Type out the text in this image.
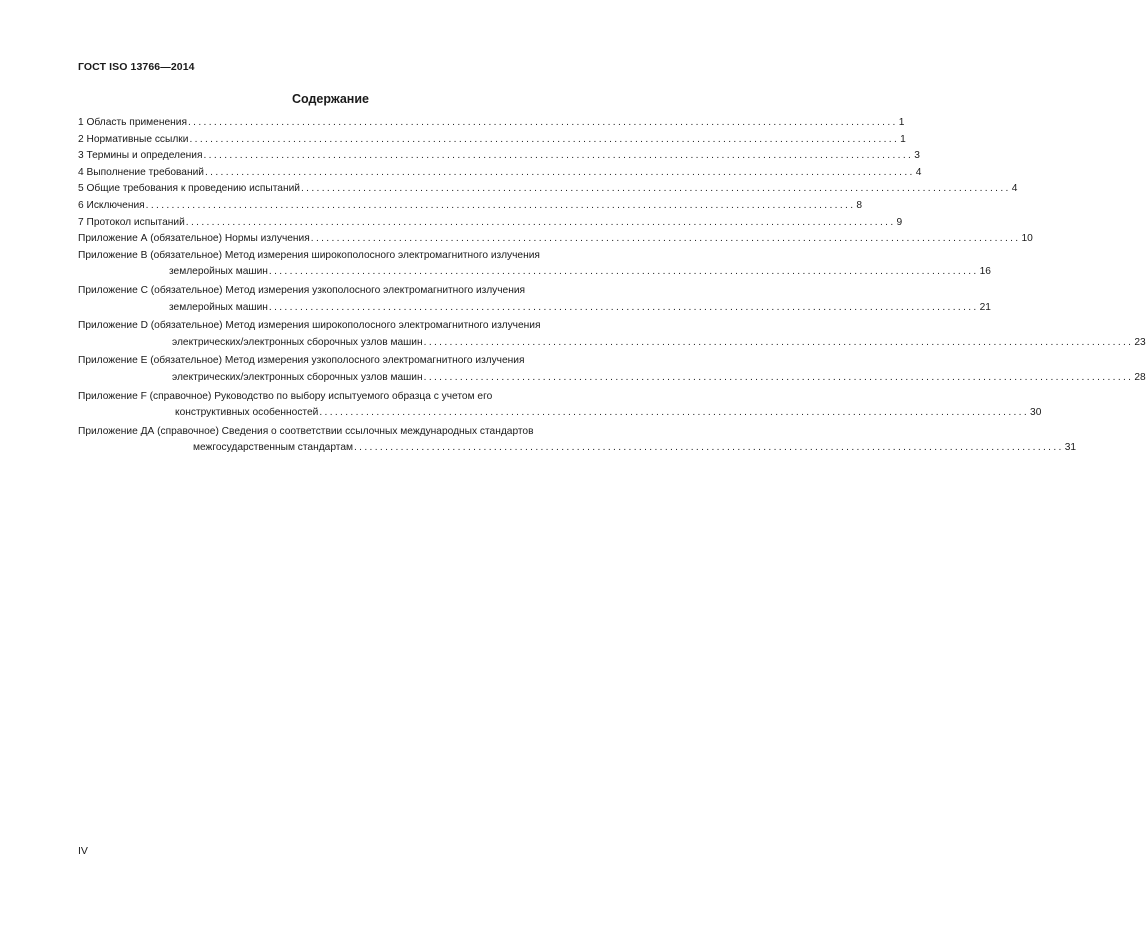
ГОСТ ISO 13766—2014
Содержание
1 Область применения ......................................................................................................................................... 1
2 Нормативные ссылки ......................................................................................................................................... 1
3 Термины и определения ......................................................................................................................................... 3
4 Выполнение требований ......................................................................................................................................... 4
5 Общие требования к проведению испытаний ......................................................................................................................................... 4
6 Исключения ......................................................................................................................................... 8
7 Протокол испытаний ......................................................................................................................................... 9
Приложение А (обязательное) Нормы излучения ......................................................................................................................................... 10
Приложение В (обязательное) Метод измерения широкополосного электромагнитного излучения
землеройных машин ......................................................................................................................................... 16
Приложение С (обязательное) Метод измерения узкополосного электромагнитного излучения
землеройных машин ......................................................................................................................................... 21
Приложение D (обязательное) Метод измерения широкополосного электромагнитного излучения
электрических/электронных сборочных узлов машин ......................................................................................................................................... 23
Приложение Е (обязательное) Метод измерения узкополосного электромагнитного излучения
электрических/электронных сборочных узлов машин ......................................................................................................................................... 28
Приложение F (справочное) Руководство по выбору испытуемого образца с учетом его
конструктивных особенностей ......................................................................................................................................... 30
Приложение ДА (справочное) Сведения о соответствии ссылочных международных стандартов
межгосударственным стандартам ......................................................................................................................................... 31
IV
